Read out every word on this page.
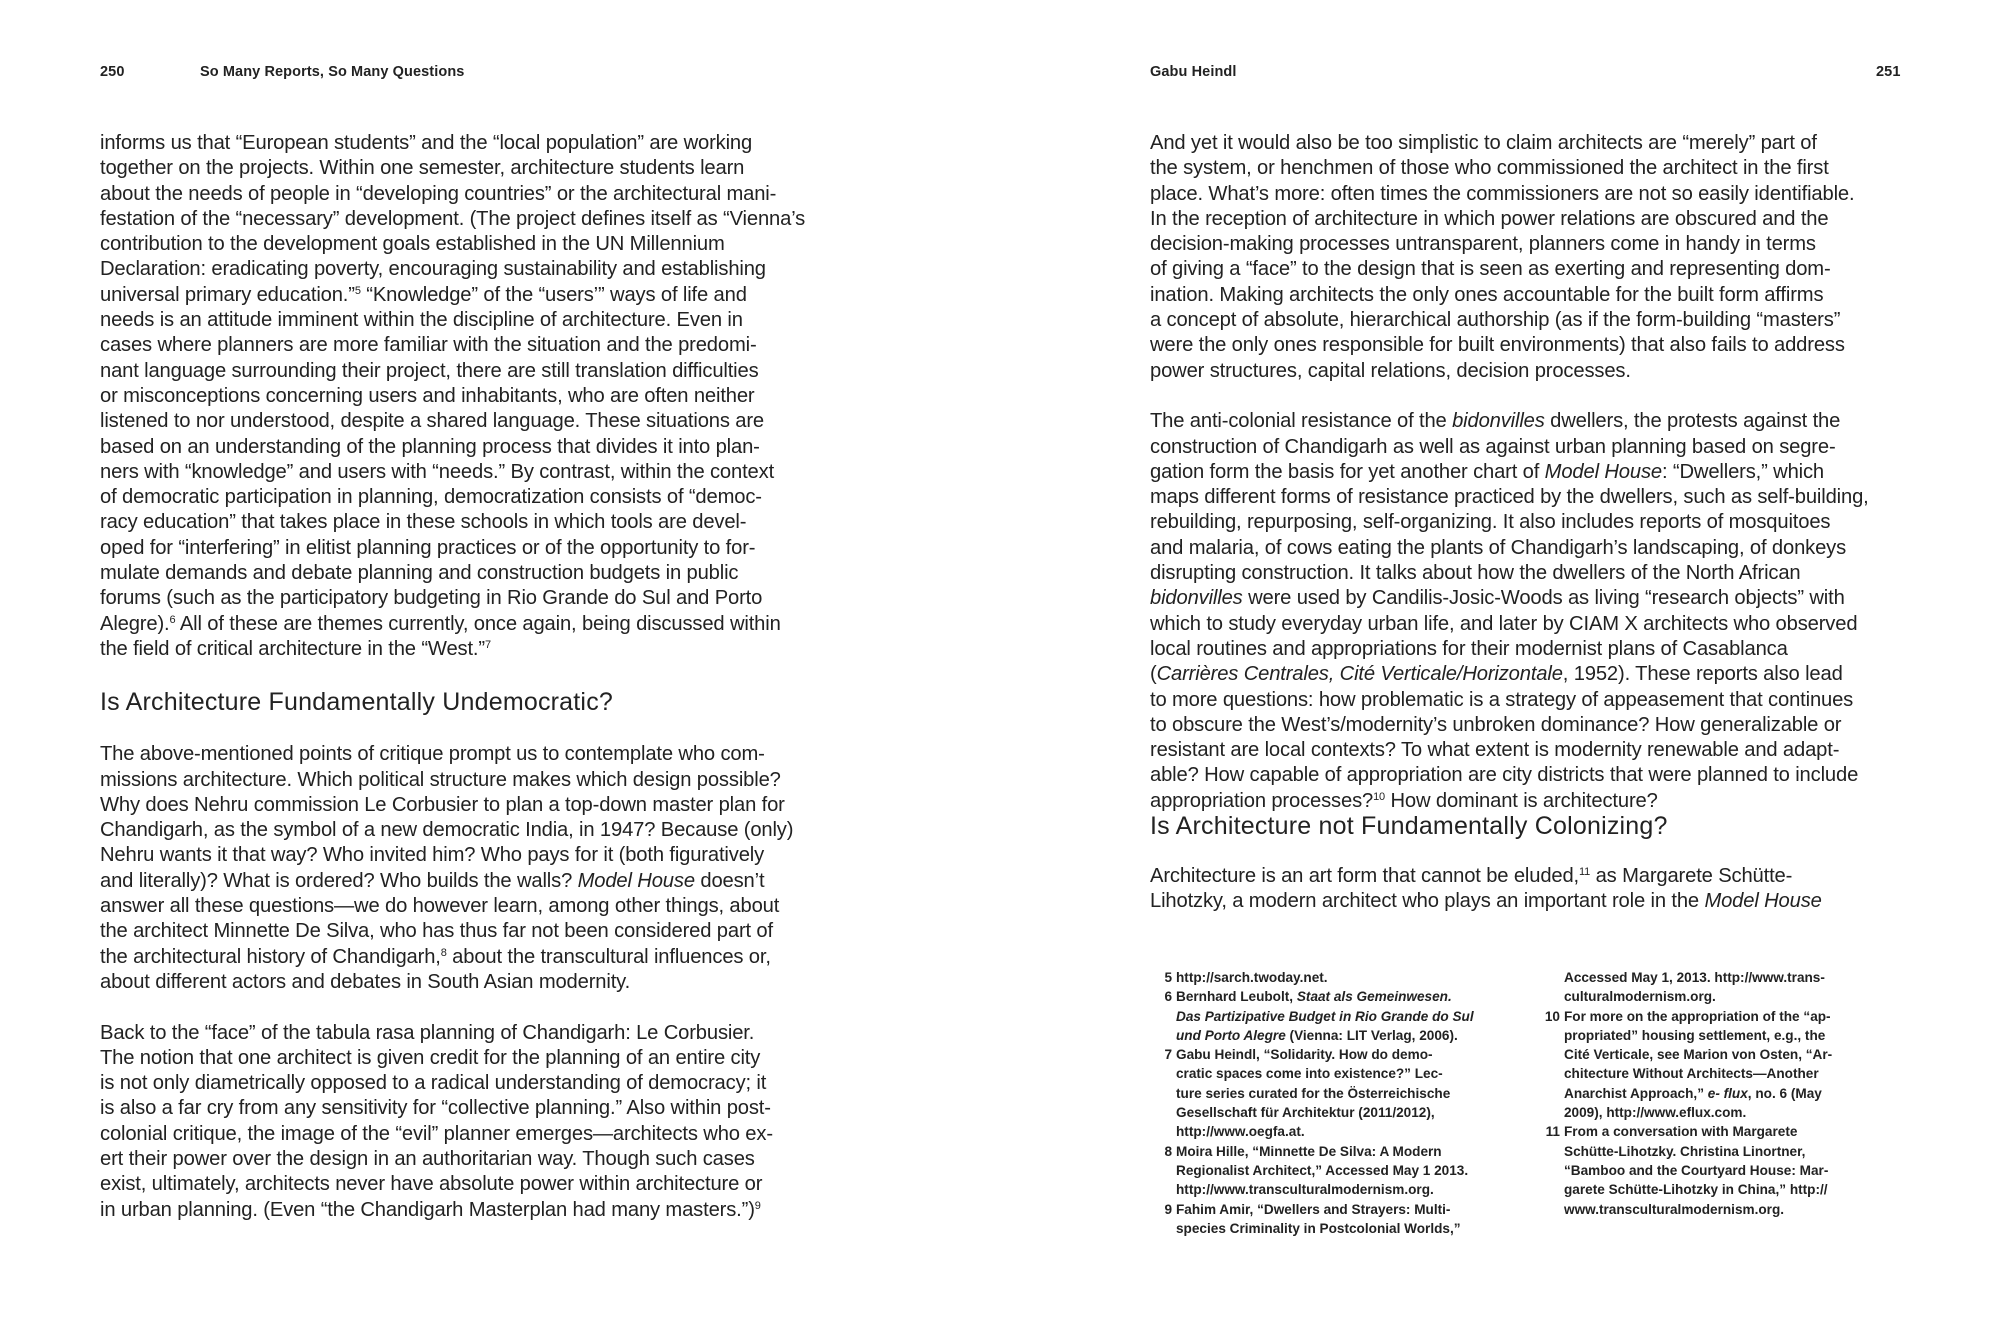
250	So Many Reports, So Many Questions

informs us that “European students” and the “local population” are working
together on the projects. Within one semester, architecture students learn
about the needs of people in “developing countries” or the architectural mani-
festation of the “necessary” development. (The project defines itself as “Vienna’s
contribution to the development goals established in the UN Millennium
Declaration: eradicating poverty, encouraging sustainability and establishing
universal primary education.”$^5$ “Knowledge” of the “users’” ways of life and
needs is an attitude imminent within the discipline of architecture. Even in
cases where planners are more familiar with the situation and the predomi-
nant language surrounding their project, there are still translation difficulties
or misconceptions concerning users and inhabitants, who are often neither
listened to nor understood, despite a shared language. These situations are
based on an understanding of the planning process that divides it into plan-
ners with “knowledge” and users with “needs.” By contrast, within the context
of democratic participation in planning, democratization consists of “democ-
racy education” that takes place in these schools in which tools are devel-
oped for “interfering” in elitist planning practices or of the opportunity to for-
mulate demands and debate planning and construction budgets in public
forums (such as the participatory budgeting in Rio Grande do Sul and Porto
Alegre).$^6$ All of these are themes currently, once again, being discussed within
the field of critical architecture in the “West.”$^7$

Is Architecture Fundamentally Undemocratic?

The above-mentioned points of critique prompt us to contemplate who com-
missions architecture. Which political structure makes which design possible?
Why does Nehru commission Le Corbusier to plan a top-down master plan for
Chandigarh, as the symbol of a new democratic India, in 1947? Because (only)
Nehru wants it that way? Who invited him? Who pays for it (both figuratively
and literally)? What is ordered? Who builds the walls? Model House doesn’t
answer all these questions—we do however learn, among other things, about
the architect Minnette De Silva, who has thus far not been considered part of
the architectural history of Chandigarh,$^8$ about the transcultural influences or,
about different actors and debates in South Asian modernity.

Back to the “face” of the tabula rasa planning of Chandigarh: Le Corbusier.
The notion that one architect is given credit for the planning of an entire city
is not only diametrically opposed to a radical understanding of democracy; it
is also a far cry from any sensitivity for “collective planning.” Also within post-
colonial critique, the image of the “evil” planner emerges—architects who ex-
ert their power over the design in an authoritarian way. Though such cases
exist, ultimately, architects never have absolute power within architecture or
in urban planning. (Even “the Chandigarh Masterplan had many masters.”)$^9$

Gabu Heindl	251

And yet it would also be too simplistic to claim architects are “merely” part of
the system, or henchmen of those who commissioned the architect in the first
place. What’s more: often times the commissioners are not so easily identifiable.
In the reception of architecture in which power relations are obscured and the
decision-making processes untransparent, planners come in handy in terms
of giving a “face” to the design that is seen as exerting and representing dom-
ination. Making architects the only ones accountable for the built form affirms
a concept of absolute, hierarchical authorship (as if the form-building “masters”
were the only ones responsible for built environments) that also fails to address
power structures, capital relations, decision processes.

The anti-colonial resistance of the bidonvilles dwellers, the protests against the
construction of Chandigarh as well as against urban planning based on segre-
gation form the basis for yet another chart of Model House: “Dwellers,” which
maps different forms of resistance practiced by the dwellers, such as self-building,
rebuilding, repurposing, self-organizing. It also includes reports of mosquitoes
and malaria, of cows eating the plants of Chandigarh’s landscaping, of donkeys
disrupting construction. It talks about how the dwellers of the North African
bidonvilles were used by Candilis-Josic-Woods as living “research objects” with
which to study everyday urban life, and later by CIAM X architects who observed
local routines and appropriations for their modernist plans of Casablanca
(Carrières Centrales, Cité Verticale/Horizontale, 1952). These reports also lead
to more questions: how problematic is a strategy of appeasement that continues
to obscure the West’s/modernity’s unbroken dominance? How generalizable or
resistant are local contexts? To what extent is modernity renewable and adapt-
able? How capable of appropriation are city districts that were planned to include
appropriation processes?$^{10}$ How dominant is architecture?

Is Architecture not Fundamentally Colonizing?

Architecture is an art form that cannot be eluded,$^{11}$ as Margarete Schütte-
Lihotzky, a modern architect who plays an important role in the Model House

5 http://sarch.twoday.net.
6 Bernhard Leubolt, Staat als Gemeinwesen.
Das Partizipative Budget in Rio Grande do Sul
und Porto Alegre (Vienna: LIT Verlag, 2006).
7 Gabu Heindl, “Solidarity. How do demo-
cratic spaces come into existence?” Lec-
ture series curated for the Österreichische
Gesellschaft für Architektur (2011/2012),
http://www.oegfa.at.
8 Moira Hille, “Minnette De Silva: A Modern
Regionalist Architect,” Accessed May 1 2013.
http://www.transculturalmodernism.org.
9 Fahim Amir, “Dwellers and Strayers: Multi-
species Criminality in Postcolonial Worlds,”
Accessed May 1, 2013. http://www.trans-
culturalmodernism.org.
10 For more on the appropriation of the “ap-
propriated” housing settlement, e.g., the
Cité Verticale, see Marion von Osten, “Ar-
chitecture Without Architects—Another
Anarchist Approach,” e- flux, no. 6 (May
2009), http://www.eflux.com.
11 From a conversation with Margarete
Schütte-Lihotzky. Christina Linortner,
“Bamboo and the Courtyard House: Mar-
garete Schütte-Lihotzky in China,” http://
www.transculturalmodernism.org.
